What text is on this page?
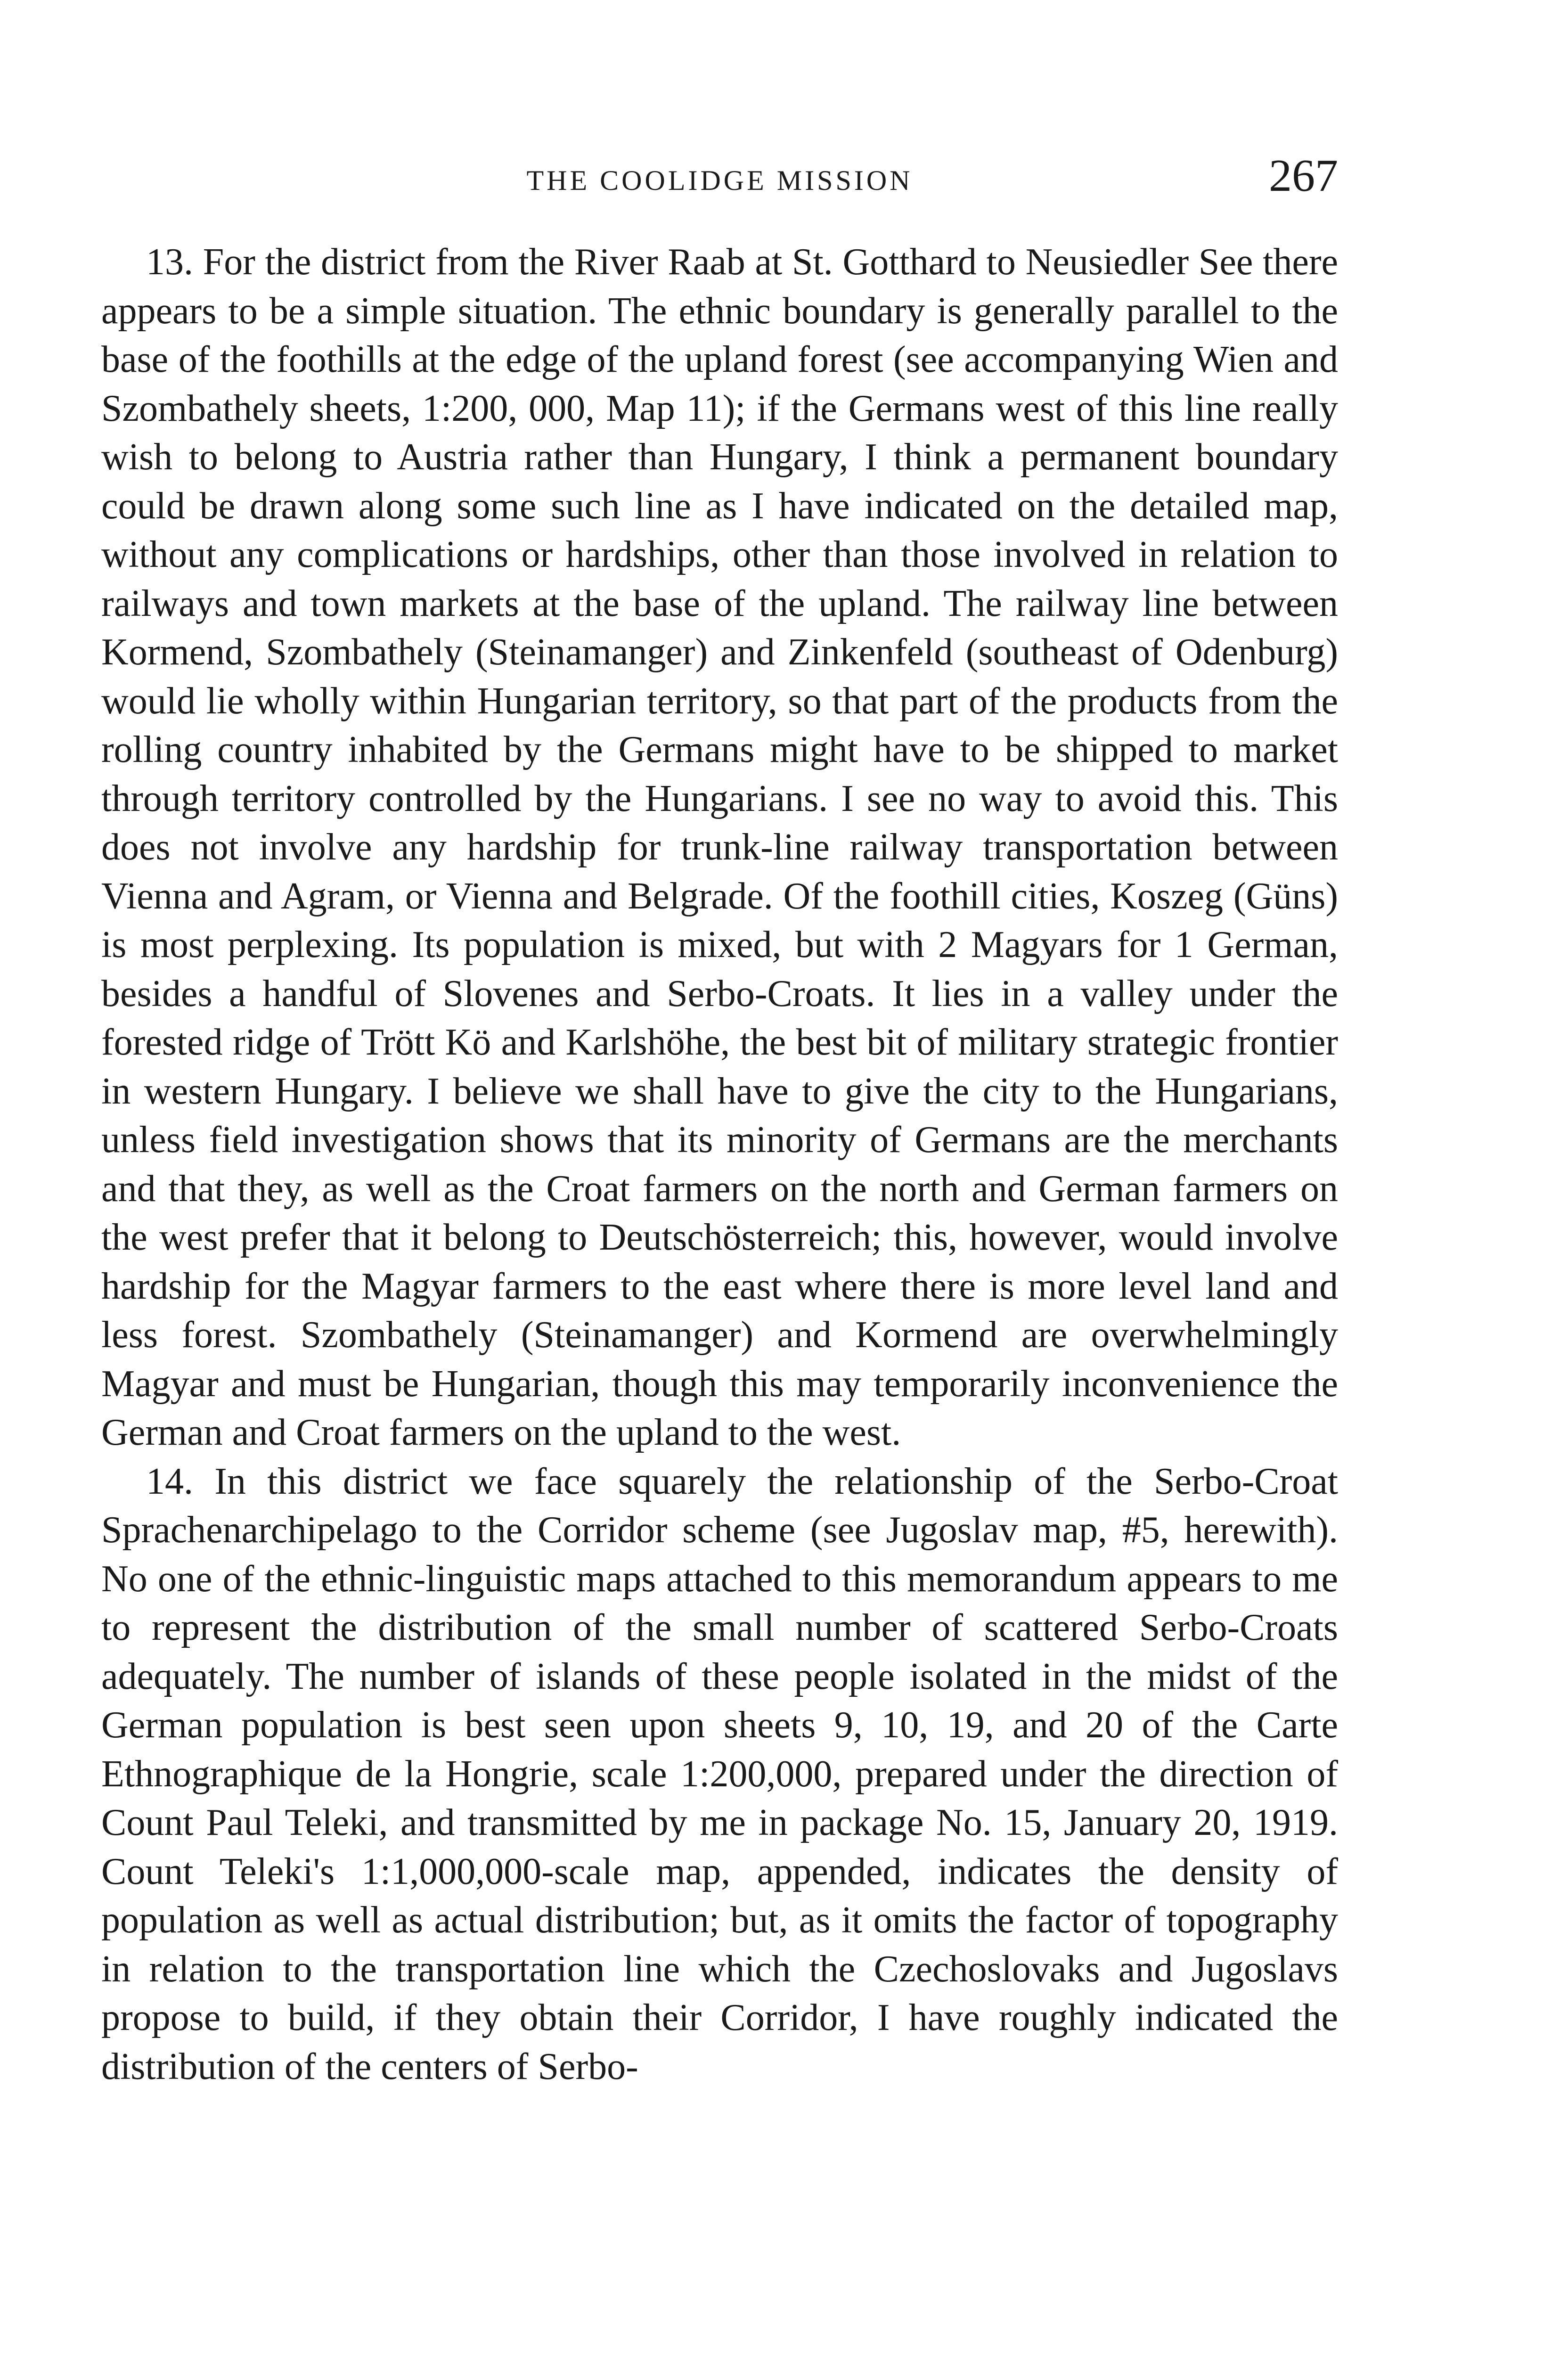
THE COOLIDGE MISSION	267

13. For the district from the River Raab at St. Gotthard to Neusiedler See there appears to be a simple situation. The ethnic boundary is generally parallel to the base of the foothills at the edge of the upland forest (see accompanying Wien and Szombathely sheets, 1:200, 000, Map 11); if the Germans west of this line really wish to belong to Austria rather than Hungary, I think a permanent boundary could be drawn along some such line as I have indicated on the detailed map, without any complications or hardships, other than those involved in relation to railways and town markets at the base of the upland. The railway line between Kormend, Szombathely (Steinamanger) and Zinkenfeld (southeast of Odenburg) would lie wholly within Hungarian territory, so that part of the products from the rolling country inhabited by the Germans might have to be shipped to market through territory controlled by the Hungarians. I see no way to avoid this. This does not involve any hardship for trunk-line railway transportation between Vienna and Agram, or Vienna and Belgrade. Of the foothill cities, Koszeg (Güns) is most perplexing. Its population is mixed, but with 2 Magyars for 1 German, besides a handful of Slovenes and Serbo-Croats. It lies in a valley under the forested ridge of Trött Kö and Karlshöhe, the best bit of military strategic frontier in western Hungary. I believe we shall have to give the city to the Hungarians, unless field investigation shows that its minority of Germans are the merchants and that they, as well as the Croat farmers on the north and German farmers on the west prefer that it belong to Deutschösterreich; this, however, would involve hardship for the Magyar farmers to the east where there is more level land and less forest. Szombathely (Steinamanger) and Kormend are overwhelmingly Magyar and must be Hungarian, though this may temporarily inconvenience the German and Croat farmers on the upland to the west.

14. In this district we face squarely the relationship of the Serbo-Croat Sprachenarchipelago to the Corridor scheme (see Jugoslav map, #5, herewith). No one of the ethnic-linguistic maps attached to this memorandum appears to me to represent the distribution of the small number of scattered Serbo-Croats adequately. The number of islands of these people isolated in the midst of the German population is best seen upon sheets 9, 10, 19, and 20 of the Carte Ethnographique de la Hongrie, scale 1:200,000, prepared under the direction of Count Paul Teleki, and transmitted by me in package No. 15, January 20, 1919. Count Teleki's 1:1,000,000-scale map, appended, indicates the density of population as well as actual distribution; but, as it omits the factor of topography in relation to the transportation line which the Czechoslovaks and Jugoslavs propose to build, if they obtain their Corridor, I have roughly indicated the distribution of the centers of Serbo-
